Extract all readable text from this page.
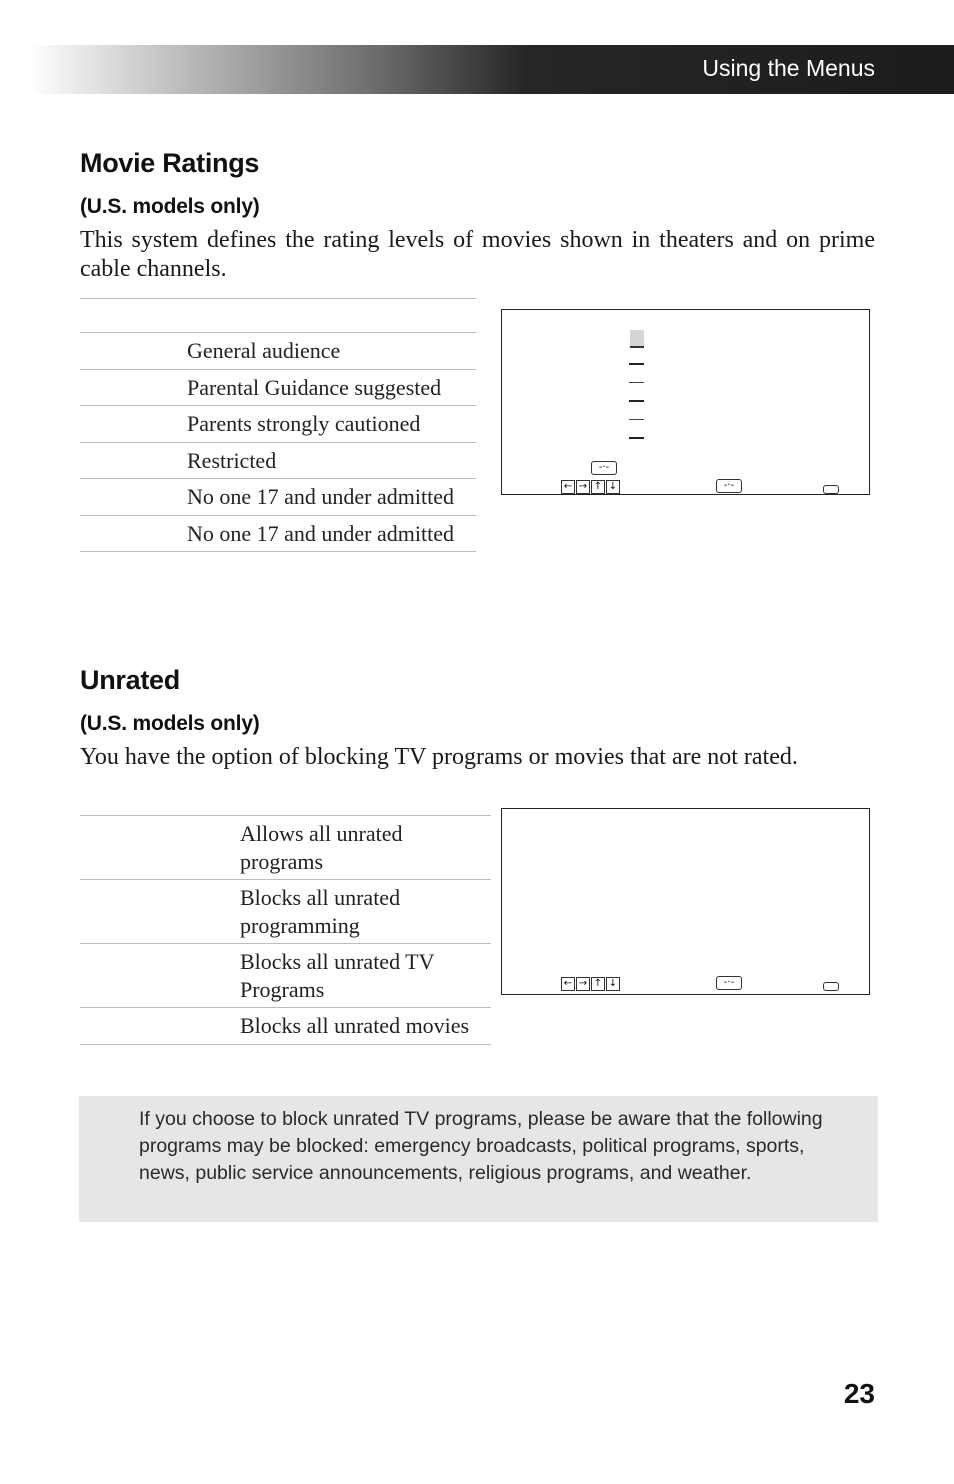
Using the Menus
Movie Ratings
(U.S. models only)

This system defines the rating levels of movies shown in theaters and on prime cable channels.

	General audience
	Parental Guidance suggested
	Parents strongly cautioned
	Restricted
	No one 17 and under admitted
	No one 17 and under admitted
-·-
← → ↑ ↓	-·-
Unrated
(U.S. models only)

You have the option of blocking TV programs or movies that are not rated.

	Allows all unrated programs
	Blocks all unrated programming
	Blocks all unrated TV Programs
	Blocks all unrated movies
← → ↑ ↓	-·-

If you choose to block unrated TV programs, please be aware that the following programs may be blocked: emergency broadcasts, political programs, sports, news, public service announcements, religious programs, and weather.

23
